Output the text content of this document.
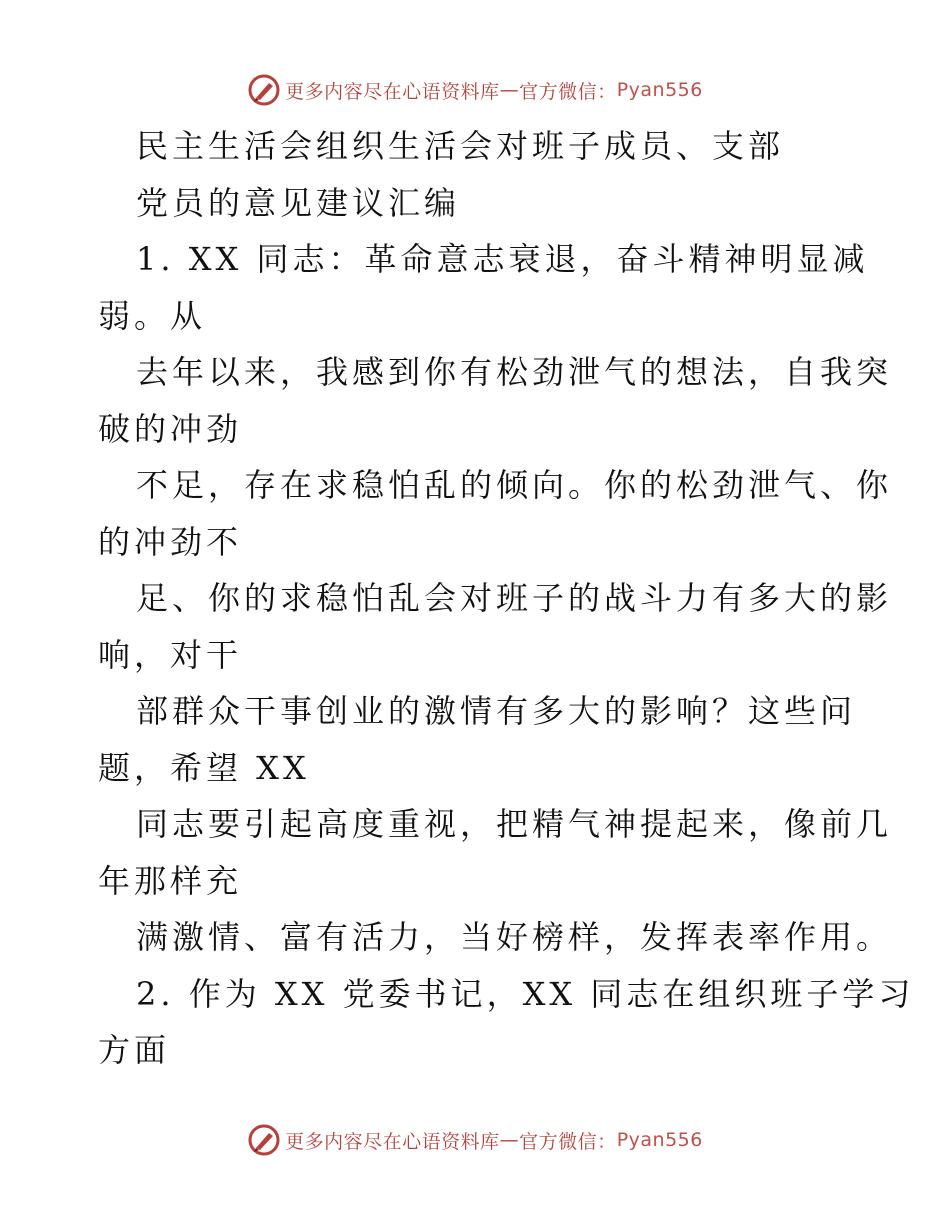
更多内容尽在心语资料库 — 官方微信： Pyan556
民主生活会组织生活会对班子成员、支部
党员的意见建议汇编
1. XX 同志：革命意志衰退，奋斗精神明显减
弱。从
去年以来，我感到你有松劲泄气的想法，自我突
破的冲劲
不足，存在求稳怕乱的倾向。你的松劲泄气、你
的冲劲不
足、你的求稳怕乱会对班子的战斗力有多大的影
响，对干
部群众干事创业的激情有多大的影响？这些问
题，希望 XX
同志要引起高度重视，把精气神提起来，像前几
年那样充
满激情、富有活力，当好榜样，发挥表率作用。
2. 作为 XX 党委书记，XX 同志在组织班子学习
方面
更多内容尽在心语资料库 — 官方微信： Pyan556
